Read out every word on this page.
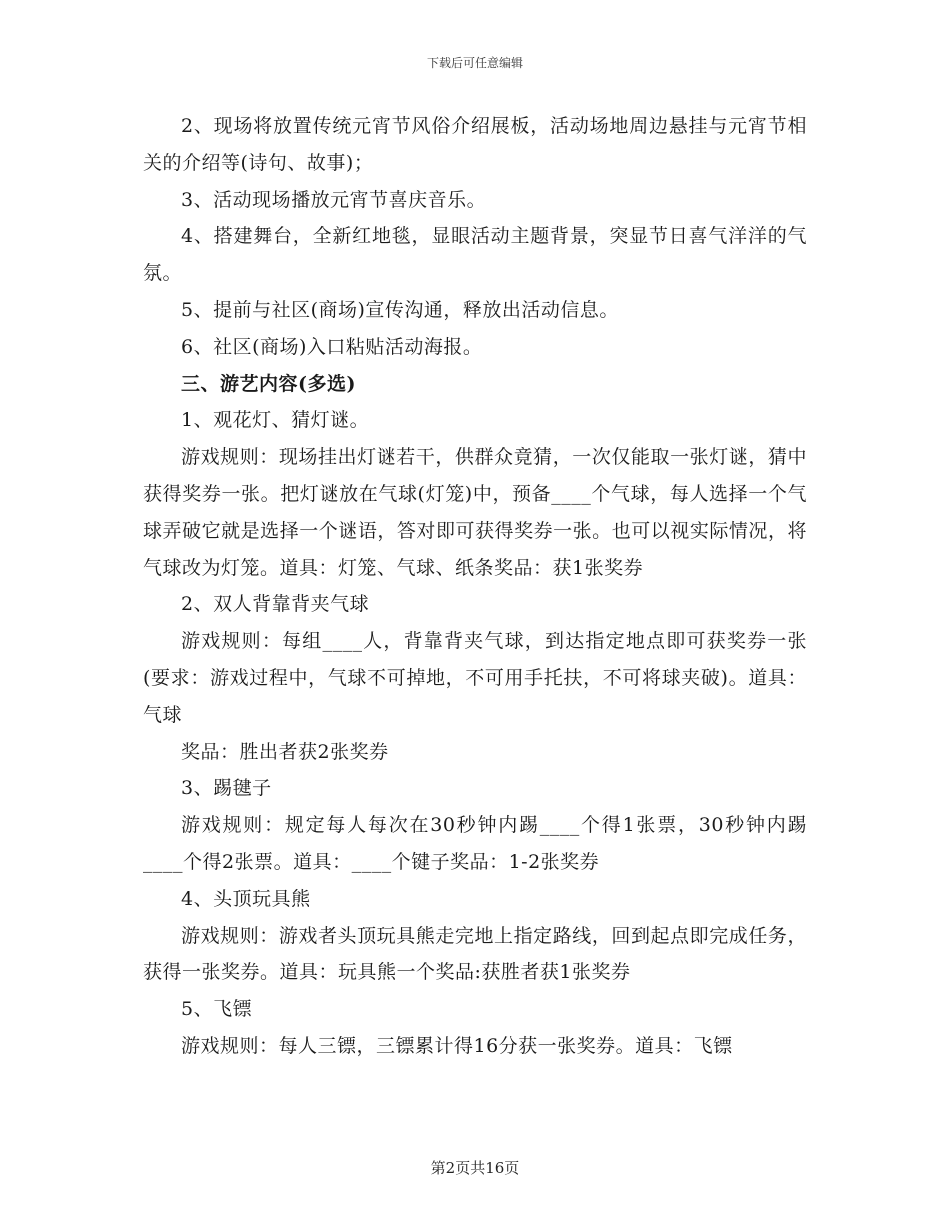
下载后可任意编辑

2、现场将放置传统元宵节风俗介绍展板，活动场地周边悬挂与元宵节相关的介绍等(诗句、故事)；

3、活动现场播放元宵节喜庆音乐。

4、搭建舞台，全新红地毯，显眼活动主题背景，突显节日喜气洋洋的气氛。

5、提前与社区(商场)宣传沟通，释放出活动信息。

6、社区(商场)入口粘贴活动海报。

三、游艺内容(多选)

1、观花灯、猜灯谜。

游戏规则：现场挂出灯谜若干，供群众竟猜，一次仅能取一张灯谜，猜中获得奖券一张。把灯谜放在气球(灯笼)中，预备____个气球，每人选择一个气球弄破它就是选择一个谜语，答对即可获得奖券一张。也可以视实际情况，将气球改为灯笼。道具：灯笼、气球、纸条奖品：获1张奖券

2、双人背靠背夹气球

游戏规则：每组____人，背靠背夹气球，到达指定地点即可获奖券一张(要求：游戏过程中，气球不可掉地，不可用手托扶，不可将球夹破)。道具：气球

奖品：胜出者获2张奖券

3、踢毽子

游戏规则：规定每人每次在30秒钟内踢____个得1张票，30秒钟内踢____个得2张票。道具：____个键子奖品：1-2张奖券

4、头顶玩具熊

游戏规则：游戏者头顶玩具熊走完地上指定路线，回到起点即完成任务，获得一张奖券。道具：玩具熊一个奖品:获胜者获1张奖券

5、飞镖

游戏规则：每人三镖，三镖累计得16分获一张奖券。道具：飞镖

第2页共16页
